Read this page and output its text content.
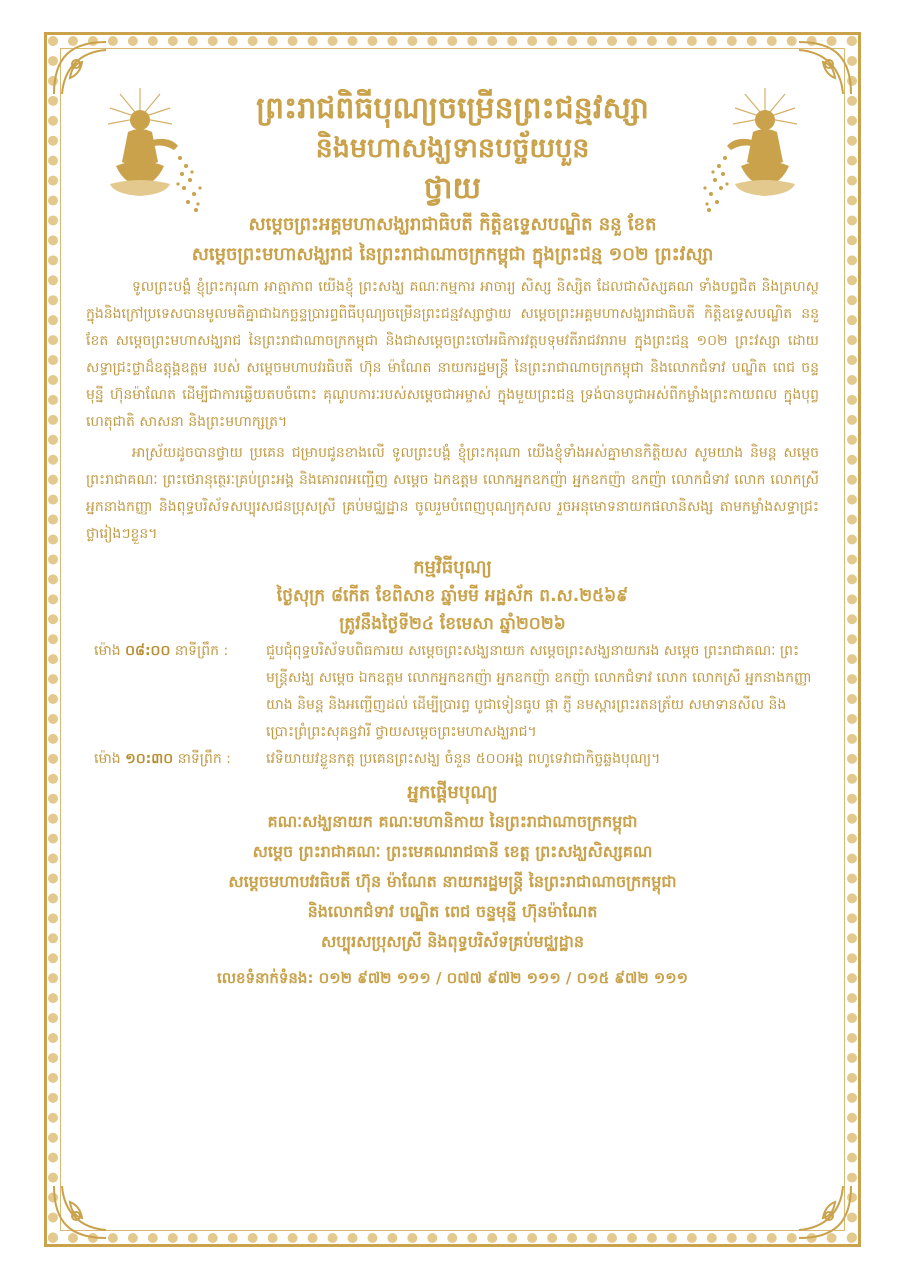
ព្រះរាជពិធីបុណ្យចម្រើនព្រះជន្មវស្សា
និងមហាសង្ឃទានបច្ច័យបួន
ថ្វាយ

សម្តេចព្រះអគ្គមហាសង្ឃរាជាធិបតី កិត្តិឧទ្ទេសបណ្ឌិត ននួ ខែត

សម្តេចព្រះមហាសង្ឃរាជ នៃព្រះរាជាណាចក្រកម្ពុជា ក្នុងព្រះជន្ម ១០២ ព្រះវស្សា

ទូលព្រះបង្គំ ខ្ញុំព្រះករុណា អាត្មាភាព យើងខ្ញុំ ព្រះសង្ឃ គណៈកម្មការ អាចារ្យ សិស្ស និស្សិត ដែលជាសិស្សគណ ទាំងបព្វជិត និងគ្រហស្ថ ក្នុងនិងក្រៅប្រទេសបានមូលមតិគ្នាជាឯកច្ឆន្ទប្រារព្ធពិធីបុណ្យចម្រើនព្រះជន្មវស្សាថ្វាយ សម្តេចព្រះអគ្គមហាសង្ឃរាជាធិបតី កិត្តិឧទ្ទេសបណ្ឌិត ននួ ខែត សម្តេចព្រះមហាសង្ឃរាជ នៃព្រះរាជាណាចក្រកម្ពុជា និងជាសម្តេចព្រះចៅអធិការវត្តបទុមវតីរាជវរារាម ក្នុងព្រះជន្ម ១០២ ព្រះវស្សា ដោយសទ្ធាជ្រះថ្លាដ៏ឧត្តុង្គឧត្តម របស់ សម្តេចមហាបវរធិបតី ហ៊ុន ម៉ាណែត នាយករដ្ឋមន្ត្រី នៃព្រះរាជាណាចក្រកម្ពុជា និងលោកជំទាវ បណ្ឌិត ពេជ ចន្ទមុន្នី ហ៊ុនម៉ាណែត ដើម្បីជាការឆ្លើយតបចំពោះ គុណូបការៈរបស់សម្តេចជាអម្ចាស់ ក្នុងមួយព្រះជន្ម ទ្រង់បានបូជាអស់ពីកម្លាំងព្រះកាយពល ក្នុងបុព្វហេតុជាតិ សាសនា និងព្រះមហាក្សត្រ។

អាស្រ័យដូចបានថ្វាយ ប្រគេន ជម្រាបជូនខាងលើ ទូលព្រះបង្គំ ខ្ញុំព្រះករុណា យើងខ្ញុំទាំងអស់គ្នាមានកិត្តិយស សូមយាង និមន្ត សម្តេច ព្រះរាជាគណៈ ព្រះថេរានុត្ថេរៈគ្រប់ព្រះអង្គ និងគោរពអញ្ជើញ សម្តេច ឯកឧត្តម លោកអ្នកឧកញ៉ា អ្នកឧកញ៉ា ឧកញ៉ា លោកជំទាវ លោក លោកស្រី អ្នកនាងកញ្ញា និងពុទ្ធបរិស័ទសប្បុរសជនប្រុសស្រី គ្រប់មជ្ឈដ្ឋាន ចូលរួមបំពេញបុណ្យកុសល រួចអនុមោទនាយកផលានិសង្ស តាមកម្លាំងសទ្ធាជ្រះថ្លារៀងៗខ្លួន។

កម្មវិធីបុណ្យ

ថ្ងៃសុក្រ ៨កើត ខែពិសាខ ឆ្នាំមមី អដ្ឋស័ក ព.ស.២៥៦៩

ត្រូវនឹងថ្ងៃទី២៤ ខែមេសា ឆ្នាំ២០២៦

ម៉ោង ០៨:០០ នាទីព្រឹក :	ជួបជុំពុទ្ធបរិស័ទបពិធការយ សម្តេចព្រះសង្ឃនាយក សម្តេចព្រះសង្ឃនាយករង សម្តេច ព្រះរាជាគណៈ ព្រះមន្ត្រីសង្ឃ សម្តេច ឯកឧត្តម លោកអ្នកឧកញ៉ា អ្នកឧកញ៉ា ឧកញ៉ា លោកជំទាវ លោក លោកស្រី អ្នកនាងកញ្ញា យាង និមន្ត និងអញ្ជើញដល់ ដើម្បីប្រារព្ធ បូជាទៀនធូប ផ្កា ភ្ញី នមស្ការព្រះរតនត្រ័យ សមាទានសីល និង ប្រោះព្រំព្រះសុគន្ធវារី ថ្វាយសម្តេចព្រះមហាសង្ឃរាជ។
ម៉ោង ១០:៣០ នាទីព្រឹក :	វេទិយាយវខ្លួនកត្ត ប្រគេនព្រះសង្ឃ ចំនួន ៥០០អង្គ ពហូទេវាជាកិច្ចឆ្លងបុណ្យ។

អ្នកផ្តើមបុណ្យ

គណៈសង្ឃនាយក គណៈមហានិកាយ នៃព្រះរាជាណាចក្រកម្ពុជា

សម្តេច ព្រះរាជាគណៈ ព្រះមេគណរាជធានី ខេត្ត ព្រះសង្ឃសិស្សគណ

សម្តេចមហាបវរធិបតី ហ៊ុន ម៉ាណែត នាយករដ្ឋមន្ត្រី នៃព្រះរាជាណាចក្រកម្ពុជា

និងលោកជំទាវ បណ្ឌិត ពេជ ចន្ទមុន្នី ហ៊ុនម៉ាណែត

សប្បុរសប្រុសស្រី និងពុទ្ធបរិស័ទគ្រប់មជ្ឈដ្ឋាន

លេខទំនាក់ទំនង: ០១២ ៩៧២ ១១១ / ០៧៧ ៩៧២ ១១១ / ០១៥ ៩៧២ ១១១
